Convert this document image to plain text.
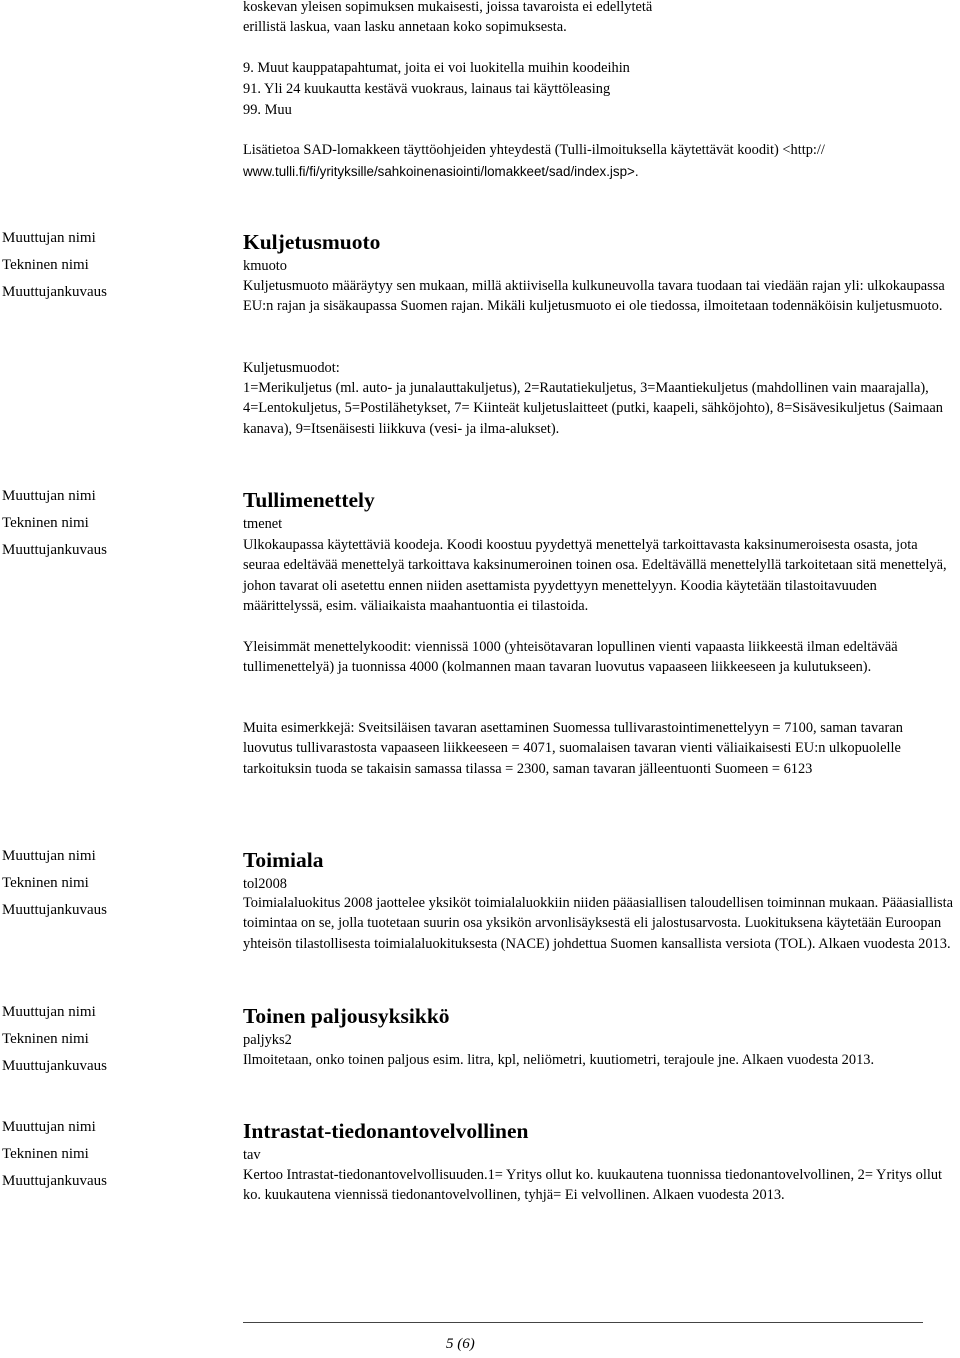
koskevan yleisen sopimuksen mukaisesti, joissa tavaroista ei edellytetä

erillistä laskua, vaan lasku annetaan koko sopimuksesta.

9. Muut kauppatapahtumat, joita ei voi luokitella muihin koodeihin

91. Yli 24 kuukautta kestävä vuokraus, lainaus tai käyttöleasing

99. Muu

Lisätietoa SAD-lomakkeen täyttöohjeiden yhteydestä (Tulli-ilmoituksella käytettävät koodit) <http://

www.tulli.fi/fi/yrityksille/sahkoinenasiointi/lomakkeet/sad/index.jsp>.

Muuttujan nimi
Tekninen nimi
Muuttujankuvaus
Kuljetusmuoto
kmuoto

Kuljetusmuoto määräytyy sen mukaan, millä aktiivisella kulkuneuvolla tavara tuodaan tai viedään rajan yli: ulkokaupassa EU:n rajan ja sisäkaupassa Suomen rajan. Mikäli kuljetusmuoto ei ole tiedossa, ilmoitetaan todennäköisin kuljetusmuoto.

Kuljetusmuodot:

1=Merikuljetus (ml. auto- ja junalauttakuljetus), 2=Rautatiekuljetus, 3=Maantiekuljetus (mahdollinen vain maarajalla), 4=Lentokuljetus, 5=Postilähetykset, 7= Kiinteät kuljetuslaitteet (putki, kaapeli, sähköjohto), 8=Sisävesikuljetus (Saimaan kanava), 9=Itsenäisesti liikkuva (vesi- ja ilma-alukset).

Muuttujan nimi
Tekninen nimi
Muuttujankuvaus
Tullimenettely
tmenet

Ulkokaupassa käytettäviä koodeja. Koodi koostuu pyydettyä menettelyä tarkoittavasta kaksinumeroisesta osasta, jota seuraa edeltävää menettelyä tarkoittava kaksinumeroinen toinen osa. Edeltävällä menettelyllä tarkoitetaan sitä menettelyä, johon tavarat oli asetettu ennen niiden asettamista pyydettyyn menettelyyn. Koodia käytetään tilastoitavuuden määrittelyssä, esim. väliaikaista maahantuontia ei tilastoida.

Yleisimmät menettelykoodit: viennissä 1000 (yhteisötavaran lopullinen vienti vapaasta liikkeestä ilman edeltävää tullimenettelyä) ja tuonnissa 4000 (kolmannen maan tavaran luovutus vapaaseen liikkeeseen ja kulutukseen).

Muita esimerkkejä: Sveitsiläisen tavaran asettaminen Suomessa tullivarastointimenettelyyn = 7100, saman tavaran luovutus tullivarastosta vapaaseen liikkeeseen = 4071, suomalaisen tavaran vienti väliaikaisesti EU:n ulkopuolelle tarkoituksin tuoda se takaisin samassa tilassa = 2300, saman tavaran jälleentuonti Suomeen = 6123

Muuttujan nimi
Tekninen nimi
Muuttujankuvaus
Toimiala
tol2008

Toimialaluokitus 2008 jaottelee yksiköt toimialaluokkiin niiden pääasiallisen taloudellisen toiminnan mukaan. Pääasiallista toimintaa on se, jolla tuotetaan suurin osa yksikön arvonlisäyksestä eli jalostusarvosta. Luokituksena käytetään Euroopan yhteisön tilastollisesta toimialaluokituksesta (NACE) johdettua Suomen kansallista versiota (TOL). Alkaen vuodesta 2013.

Muuttujan nimi
Tekninen nimi
Muuttujankuvaus
Toinen paljousyksikkö
paljyks2

Ilmoitetaan, onko toinen paljous esim. litra, kpl, neliömetri, kuutiometri, terajoule jne. Alkaen vuodesta 2013.

Muuttujan nimi
Tekninen nimi
Muuttujankuvaus
Intrastat-tiedonantovelvollinen
tav

Kertoo Intrastat-tiedonantovelvollisuuden.1= Yritys ollut ko. kuukautena tuonnissa tiedonantovelvollinen, 2= Yritys ollut ko. kuukautena viennissä tiedonantovelvollinen, tyhjä= Ei velvollinen. Alkaen vuodesta 2013.

5 (6)
